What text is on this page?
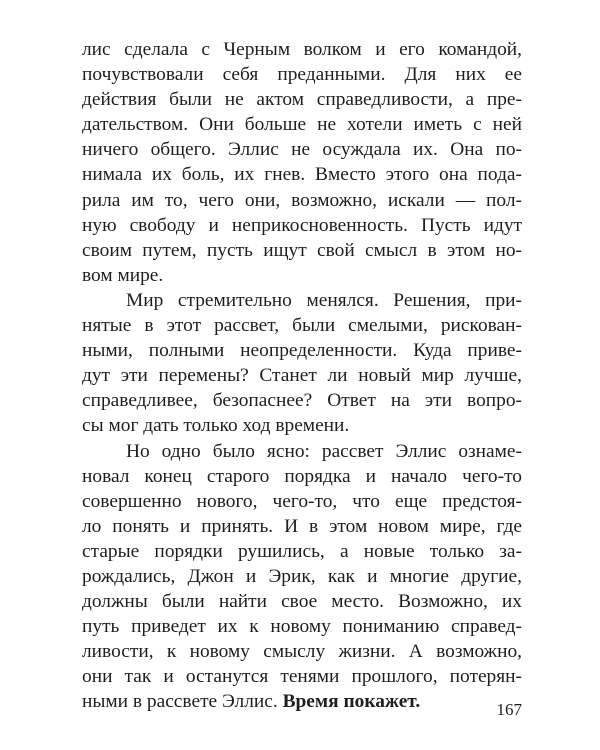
лис сделала с Черным волком и его командой,
почувствовали себя преданными. Для них ее
действия были не актом справедливости, а пре-
дательством. Они больше не хотели иметь с ней
ничего общего. Эллис не осуждала их. Она по-
нимала их боль, их гнев. Вместо этого она пода-
рила им то, чего они, возможно, искали — пол-
ную свободу и неприкосновенность. Пусть идут
своим путем, пусть ищут свой смысл в этом но-
вом мире.
Мир стремительно менялся. Решения, при-
нятые в этот рассвет, были смелыми, рискован-
ными, полными неопределенности. Куда приве-
дут эти перемены? Станет ли новый мир лучше,
справедливее, безопаснее? Ответ на эти вопро-
сы мог дать только ход времени.
Но одно было ясно: рассвет Эллис ознаме-
новал конец старого порядка и начало чего-то
совершенно нового, чего-то, что еще предстоя-
ло понять и принять. И в этом новом мире, где
старые порядки рушились, а новые только за-
рождались, Джон и Эрик, как и многие другие,
должны были найти свое место. Возможно, их
путь приведет их к новому пониманию справед-
ливости, к новому смыслу жизни. А возможно,
они так и останутся тенями прошлого, потерян-
ными в рассвете Эллис. Время покажет.	167
